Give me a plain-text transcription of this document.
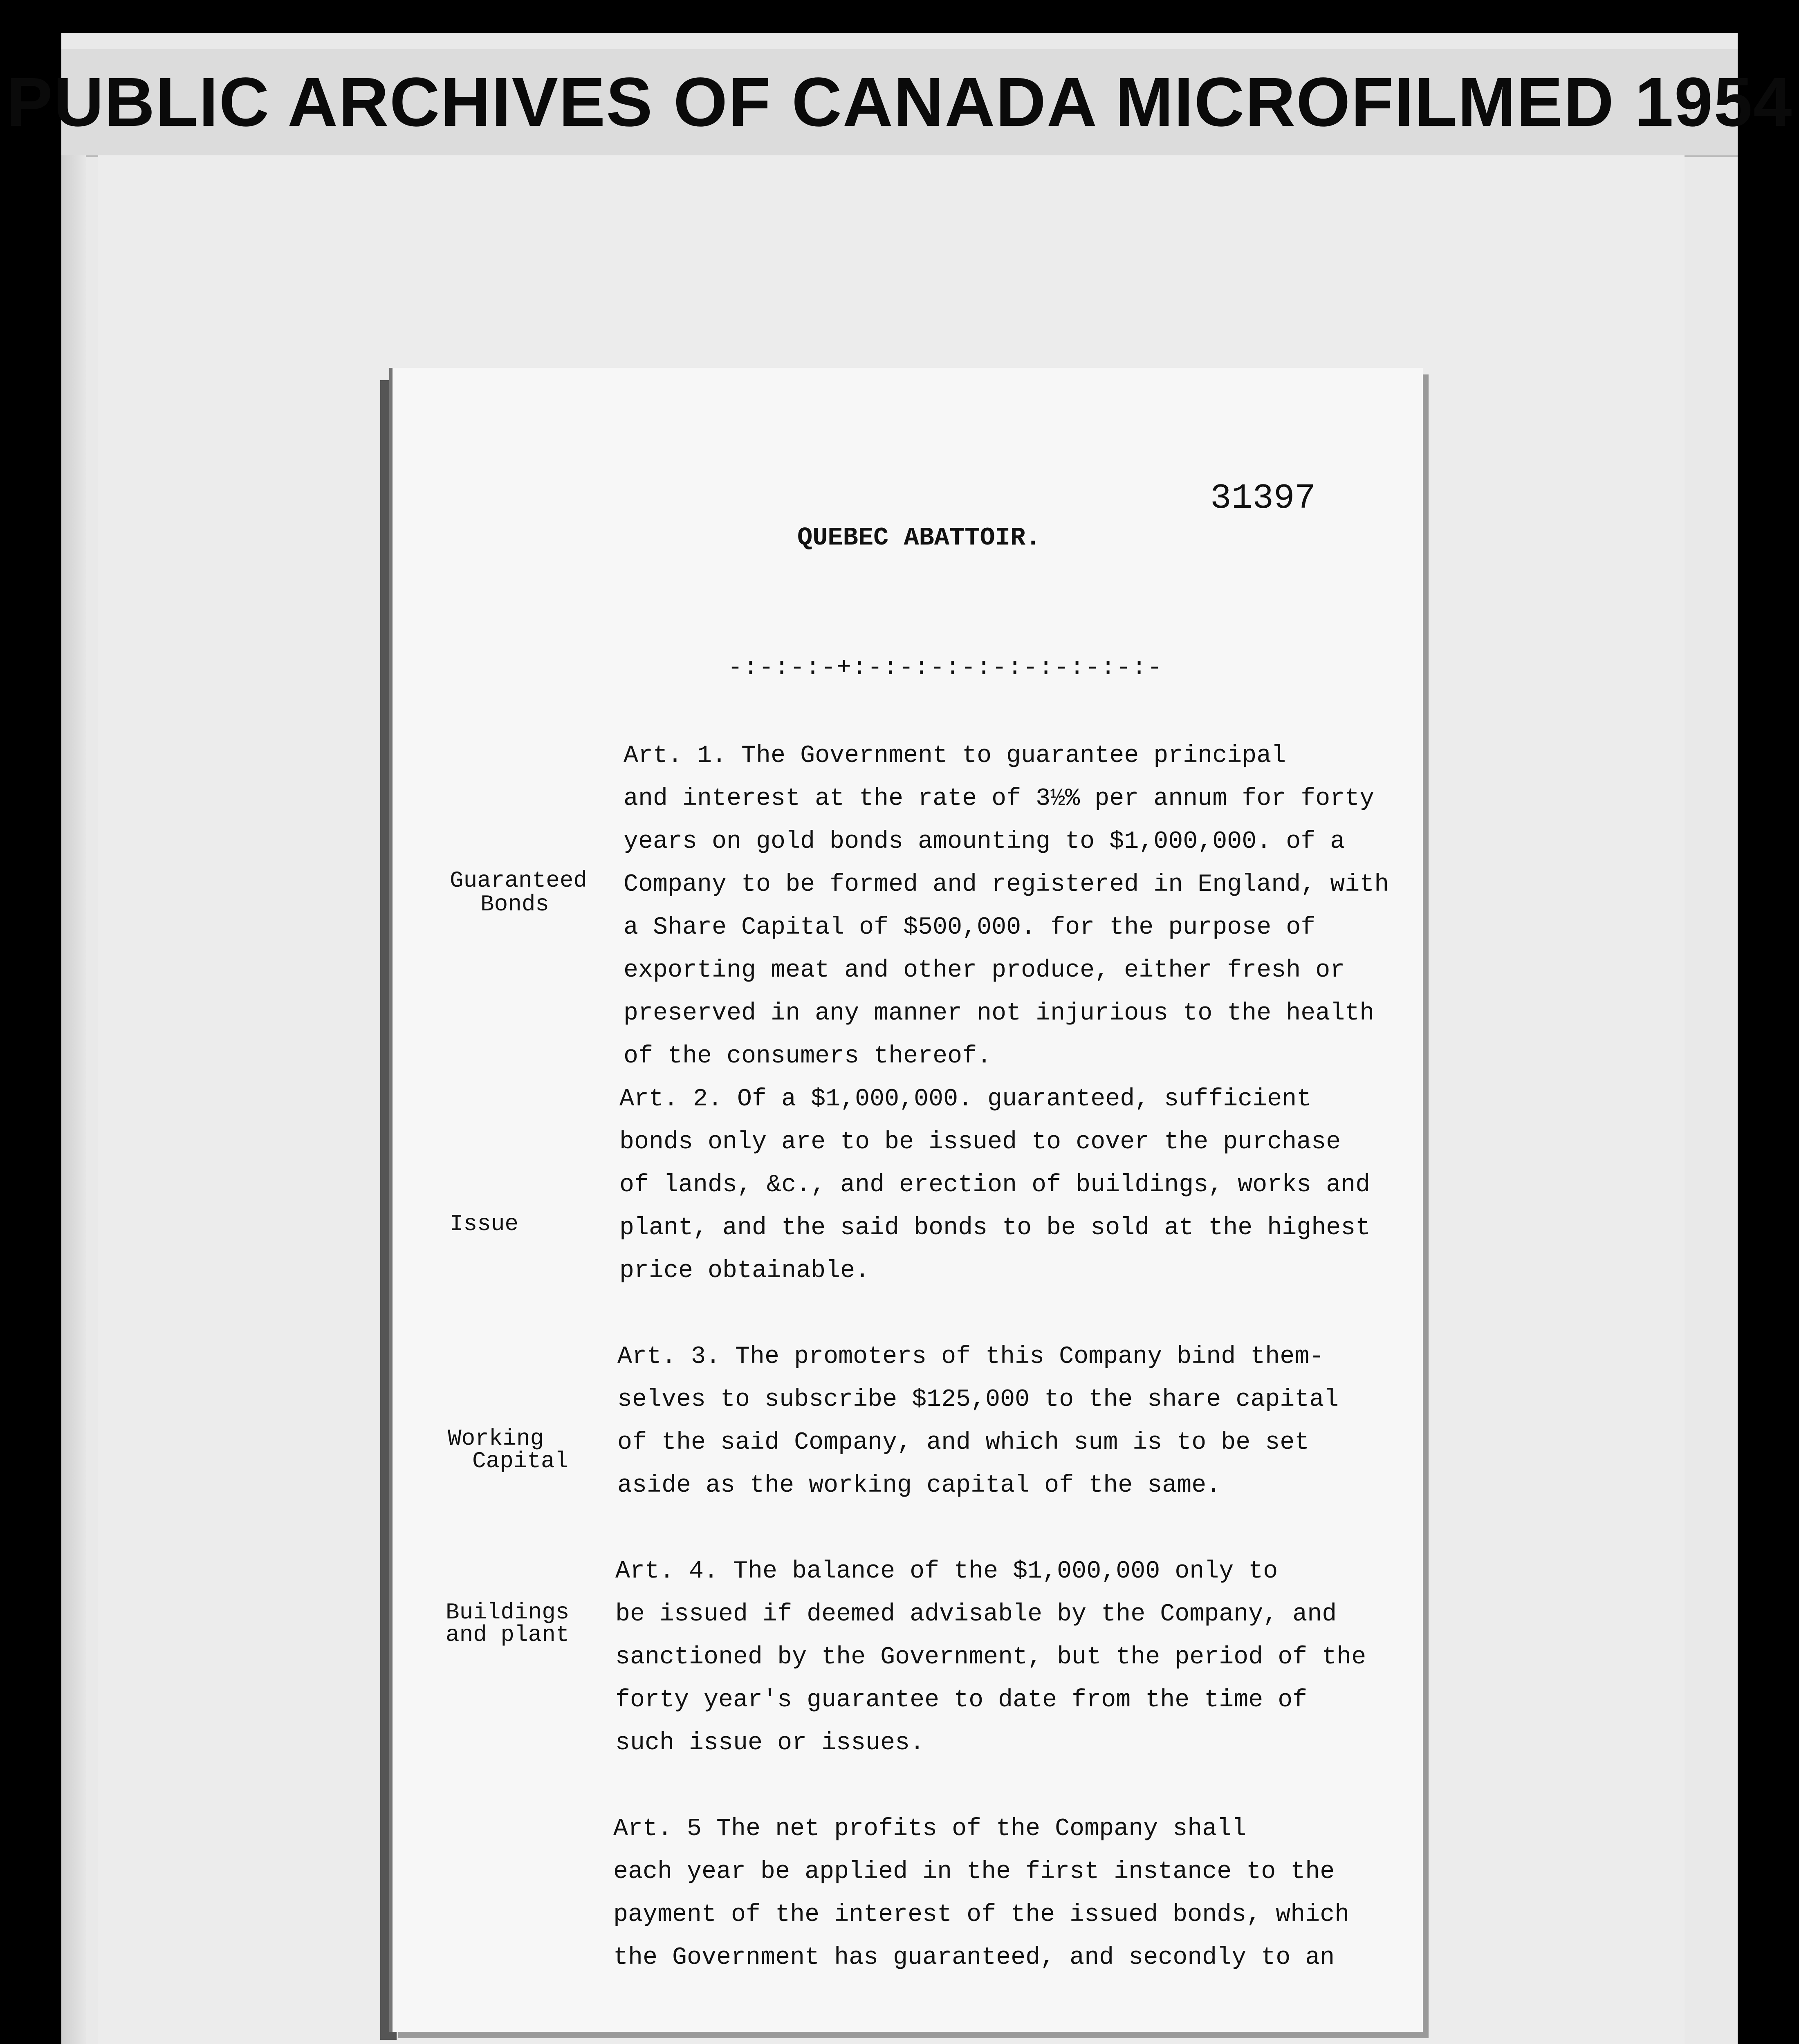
PUBLIC ARCHIVES OF CANADA MICROFILMED 1954
31397
QUEBEC ABATTOIR.
-:-:-:-+:-:-:-:-:-:-:-:-:-:-
Guaranteed
Bonds
Issue
Working
Capital
Buildings
and plant
Art. 1. The Government to guarantee principal
and interest at the rate of 3½% per annum for forty
years on gold bonds amounting to $1,000,000. of a
Company to be formed and registered in England, with
a Share Capital of $500,000. for the purpose of
exporting meat and other produce, either fresh or
preserved in any manner not injurious to the health
of the consumers thereof.
Art. 2. Of a $1,000,000. guaranteed, sufficient
bonds only are to be issued to cover the purchase
of lands, &c., and erection of buildings, works and
plant, and the said bonds to be sold at the highest
price obtainable.
Art. 3. The promoters of this Company bind them-
selves to subscribe $125,000 to the share capital
of the said Company, and which sum is to be set
aside as the working capital of the same.
Art. 4. The balance of the $1,000,000 only to
be issued if deemed advisable by the Company, and
sanctioned by the Government, but the period of the
forty year's guarantee to date from the time of
such issue or issues.
Art. 5 The net profits of the Company shall
each year be applied in the first instance to the
payment of the interest of the issued bonds, which
the Government has guaranteed, and secondly to an
